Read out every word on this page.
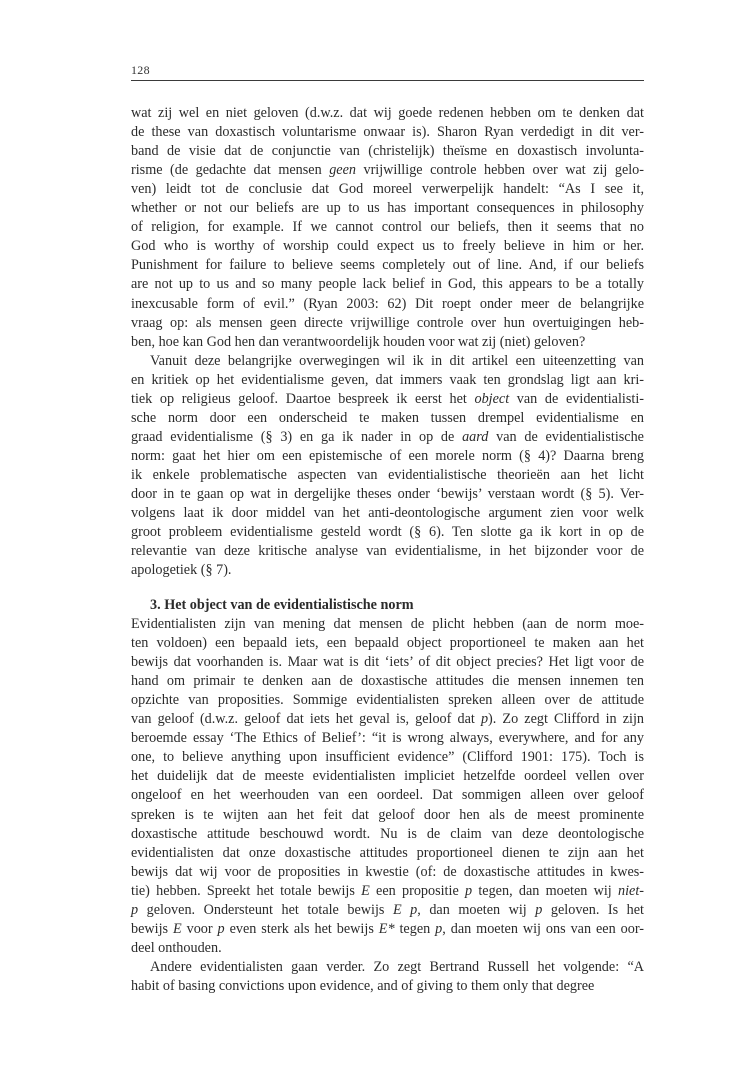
128
wat zij wel en niet geloven (d.w.z. dat wij goede redenen hebben om te denken dat
de these van doxastisch voluntarisme onwaar is). Sharon Ryan verdedigt in dit ver-
band de visie dat de conjunctie van (christelijk) theïsme en doxastisch involunta-
risme (de gedachte dat mensen geen vrijwillige controle hebben over wat zij gelo-
ven) leidt tot de conclusie dat God moreel verwerpelijk handelt: “As I see it,
whether or not our beliefs are up to us has important consequences in philosophy
of religion, for example. If we cannot control our beliefs, then it seems that no
God who is worthy of worship could expect us to freely believe in him or her.
Punishment for failure to believe seems completely out of line. And, if our beliefs
are not up to us and so many people lack belief in God, this appears to be a totally
inexcusable form of evil.” (Ryan 2003: 62) Dit roept onder meer de belangrijke
vraag op: als mensen geen directe vrijwillige controle over hun overtuigingen heb-
ben, hoe kan God hen dan verantwoordelijk houden voor wat zij (niet) geloven?
Vanuit deze belangrijke overwegingen wil ik in dit artikel een uiteenzetting van
en kritiek op het evidentialisme geven, dat immers vaak ten grondslag ligt aan kri-
tiek op religieus geloof. Daartoe bespreek ik eerst het object van de evidentialisti-
sche norm door een onderscheid te maken tussen drempel evidentialisme en
graad evidentialisme (§ 3) en ga ik nader in op de aard van de evidentialistische
norm: gaat het hier om een epistemische of een morele norm (§ 4)? Daarna breng
ik enkele problematische aspecten van evidentialistische theorieën aan het licht
door in te gaan op wat in dergelijke theses onder ‘bewijs’ verstaan wordt (§ 5). Ver-
volgens laat ik door middel van het anti-deontologische argument zien voor welk
groot probleem evidentialisme gesteld wordt (§ 6). Ten slotte ga ik kort in op de
relevantie van deze kritische analyse van evidentialisme, in het bijzonder voor de
apologetiek (§ 7).
3. Het object van de evidentialistische norm
Evidentialisten zijn van mening dat mensen de plicht hebben (aan de norm moe-
ten voldoen) een bepaald iets, een bepaald object proportioneel te maken aan het
bewijs dat voorhanden is. Maar wat is dit ‘iets’ of dit object precies? Het ligt voor de
hand om primair te denken aan de doxastische attitudes die mensen innemen ten
opzichte van proposities. Sommige evidentialisten spreken alleen over de attitude
van geloof (d.w.z. geloof dat iets het geval is, geloof dat p). Zo zegt Clifford in zijn
beroemde essay ‘The Ethics of Belief’: “it is wrong always, everywhere, and for any
one, to believe anything upon insufficient evidence” (Clifford 1901: 175). Toch is
het duidelijk dat de meeste evidentialisten impliciet hetzelfde oordeel vellen over
ongeloof en het weerhouden van een oordeel. Dat sommigen alleen over geloof
spreken is te wijten aan het feit dat geloof door hen als de meest prominente
doxastische attitude beschouwd wordt. Nu is de claim van deze deontologische
evidentialisten dat onze doxastische attitudes proportioneel dienen te zijn aan het
bewijs dat wij voor de proposities in kwestie (of: de doxastische attitudes in kwes-
tie) hebben. Spreekt het totale bewijs E een propositie p tegen, dan moeten wij niet-
p geloven. Ondersteunt het totale bewijs E p, dan moeten wij p geloven. Is het
bewijs E voor p even sterk als het bewijs E* tegen p, dan moeten wij ons van een oor-
deel onthouden.
Andere evidentialisten gaan verder. Zo zegt Bertrand Russell het volgende: “A
habit of basing convictions upon evidence, and of giving to them only that degree
